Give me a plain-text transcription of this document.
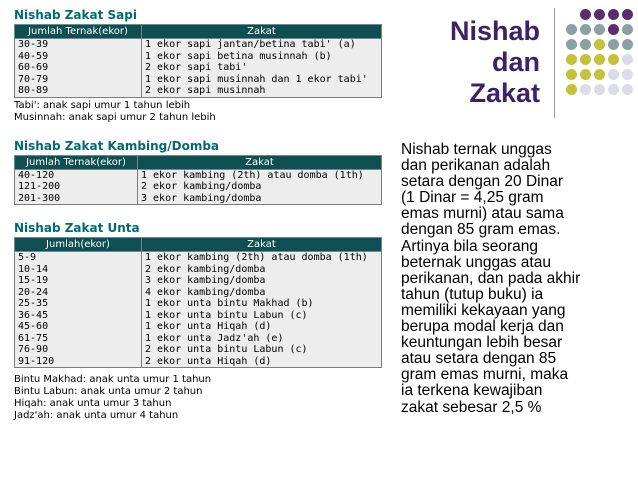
Nishab Zakat Sapi
Jumlah Ternak(ekor)	Zakat
30-39	1 ekor sapi jantan/betina tabi' (a)
40-59	1 ekor sapi betina musinnah (b)
60-69	2 ekor sapi tabi'
70-79	1 ekor sapi musinnah dan 1 ekor tabi'
80-89	2 ekor sapi musinnah
Tabi': anak sapi umur 1 tahun lebih
Musinnah: anak sapi umur 2 tahun lebih
Nishab Zakat Kambing/Domba
Jumlah Ternak(ekor)	Zakat
40-120	1 ekor kambing (2th) atau domba (1th)
121-200	2 ekor kambing/domba
201-300	3 ekor kambing/domba
Nishab Zakat Unta
Jumlah(ekor)	Zakat
5-9	1 ekor kambing (2th) atau domba (1th)
10-14	2 ekor kambing/domba
15-19	3 ekor kambing/domba
20-24	4 ekor kambing/domba
25-35	1 ekor unta bintu Makhad (b)
36-45	1 ekor unta bintu Labun (c)
45-60	1 ekor unta Hiqah (d)
61-75	1 ekor unta Jadz'ah (e)
76-90	2 ekor unta bintu Labun (c)
91-120	2 ekor unta Hiqah (d)
Bintu Makhad: anak unta umur 1 tahun
Bintu Labun: anak unta umur 2 tahun
Hiqah: anak unta umur 3 tahun
Jadz'ah: anak unta umur 4 tahun
Nishab
dan
Zakat
Nishab ternak unggas
dan perikanan adalah
setara dengan 20 Dinar
(1 Dinar = 4,25 gram
emas murni) atau sama
dengan 85 gram emas.
Artinya bila seorang
beternak unggas atau
perikanan, dan pada akhir
tahun (tutup buku) ia
memiliki kekayaan yang
berupa modal kerja dan
keuntungan lebih besar
atau setara dengan 85
gram emas murni, maka
ia terkena kewajiban
zakat sebesar 2,5 %
